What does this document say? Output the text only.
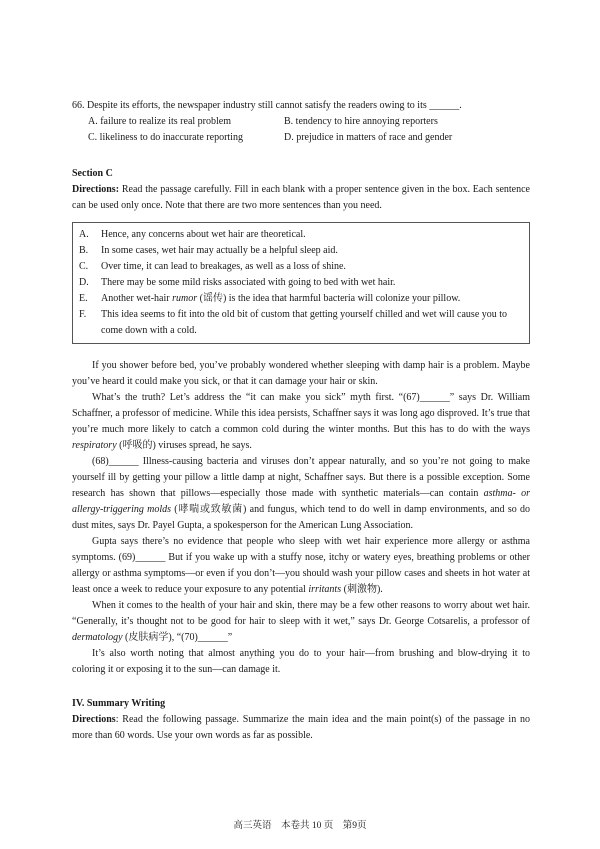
66. Despite its efforts, the newspaper industry still cannot satisfy the readers owing to its ______.

A. failure to realize its real problem	B. tendency to hire annoying reporters
C. likeliness to do inaccurate reporting	D. prejudice in matters of race and gender

Section C

Directions: Read the passage carefully. Fill in each blank with a proper sentence given in the box. Each sentence can be used only once. Note that there are two more sentences than you need.

A.	Hence, any concerns about wet hair are theoretical.
B.	In some cases, wet hair may actually be a helpful sleep aid.
C.	Over time, it can lead to breakages, as well as a loss of shine.
D.	There may be some mild risks associated with going to bed with wet hair.
E.	Another wet-hair rumor (谣传) is the idea that harmful bacteria will colonize your pillow.
F.	This idea seems to fit into the old bit of custom that getting yourself chilled and wet will cause you to come down with a cold.

If you shower before bed, you’ve probably wondered whether sleeping with damp hair is a problem. Maybe you’ve heard it could make you sick, or that it can damage your hair or skin.

What’s the truth? Let’s address the “it can make you sick” myth first. “(67)______” says Dr. William Schaffner, a professor of medicine. While this idea persists, Schaffner says it was long ago disproved. It’s true that you’re much more likely to catch a common cold during the winter months. But this has to do with the ways respiratory (呼吸的) viruses spread, he says.

(68)______ Illness-causing bacteria and viruses don’t appear naturally, and so you’re not going to make yourself ill by getting your pillow a little damp at night, Schaffner says. But there is a possible exception. Some research has shown that pillows—especially those made with synthetic materials—can contain asthma- or allergy-triggering molds (哮喘或致敏菌) and fungus, which tend to do well in damp environments, and so do dust mites, says Dr. Payel Gupta, a spokesperson for the American Lung Association.

Gupta says there’s no evidence that people who sleep with wet hair experience more allergy or asthma symptoms. (69)______ But if you wake up with a stuffy nose, itchy or watery eyes, breathing problems or other allergy or asthma symptoms—or even if you don’t—you should wash your pillow cases and sheets in hot water at least once a week to reduce your exposure to any potential irritants (刺激物).

When it comes to the health of your hair and skin, there may be a few other reasons to worry about wet hair. “Generally, it’s thought not to be good for hair to sleep with it wet,” says Dr. George Cotsarelis, a professor of dermatology (皮肤病学), “(70)______”

It’s also worth noting that almost anything you do to your hair—from brushing and blow-drying it to coloring it or exposing it to the sun—can damage it.

IV. Summary Writing

Directions: Read the following passage. Summarize the main idea and the main point(s) of the passage in no more than 60 words. Use your own words as far as possible.

高三英语　本卷共 10 页　第9页
